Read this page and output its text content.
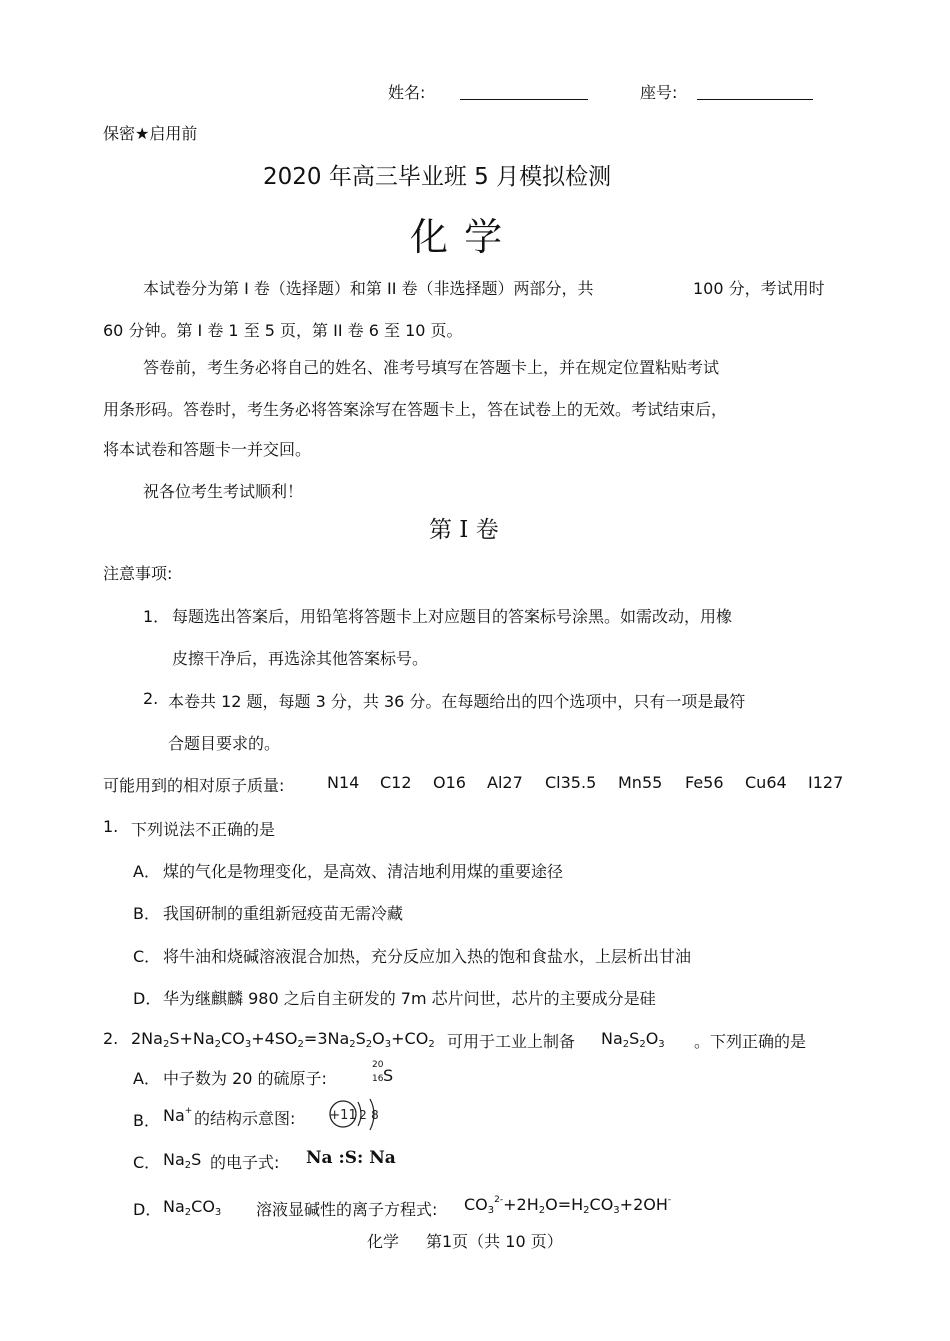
姓名:	座号:
保密★启用前
2020 年高三毕业班 5 月模拟检测
化 学
本试卷分为第 I 卷（选择题）和第 II 卷（非选择题）两部分，共	100 分，考试用时
60 分钟。第 I 卷 1 至 5 页，第 II 卷 6 至 10 页。
答卷前，考生务必将自己的姓名、准考号填写在答题卡上，并在规定位置粘贴考试
用条形码。答卷时，考生务必将答案涂写在答题卡上，答在试卷上的无效。考试结束后，
将本试卷和答题卡一并交回。
祝各位考生考试顺利！
第 I 卷
注意事项:
1． 每题选出答案后，用铅笔将答题卡上对应题目的答案标号涂黑。如需改动，用橡
皮擦干净后，再选涂其他答案标号。
2. 本卷共 12 题，每题 3 分，共 36 分。在每题给出的四个选项中，只有一项是最符
合题目要求的。
可能用到的相对原子质量:	N14 C12 O16 Al27 Cl35.5 Mn55 Fe56 Cu64 I127
1. 下列说法不正确的是
A． 煤的气化是物理变化，是高效、清洁地利用煤的重要途径
B． 我国研制的重组新冠疫苗无需冷藏
C． 将牛油和烧碱溶液混合加热，充分反应加入热的饱和食盐水，上层析出甘油
D． 华为继麒麟 980 之后自主研发的 7m 芯片问世，芯片的主要成分是硅
2. $2Na_2S+Na_2CO_3+4SO_2=3Na_2S_2O_3+CO_2$ 可用于工业上制备 $Na_2S_2O_3$ 。下列正确的是
A． 中子数为 20 的硫原子:
20
16 S
B． Na+ 的结构示意图:	+11 2 8
C． $Na_2S$ 的电子式: Na :S: Na
D． $Na_2CO_3$ 溶液显碱性的离子方程式: $CO_3^{2-}+2H_2O=H_2CO_3+2OH^-$
化学 第1页（共 10 页）
